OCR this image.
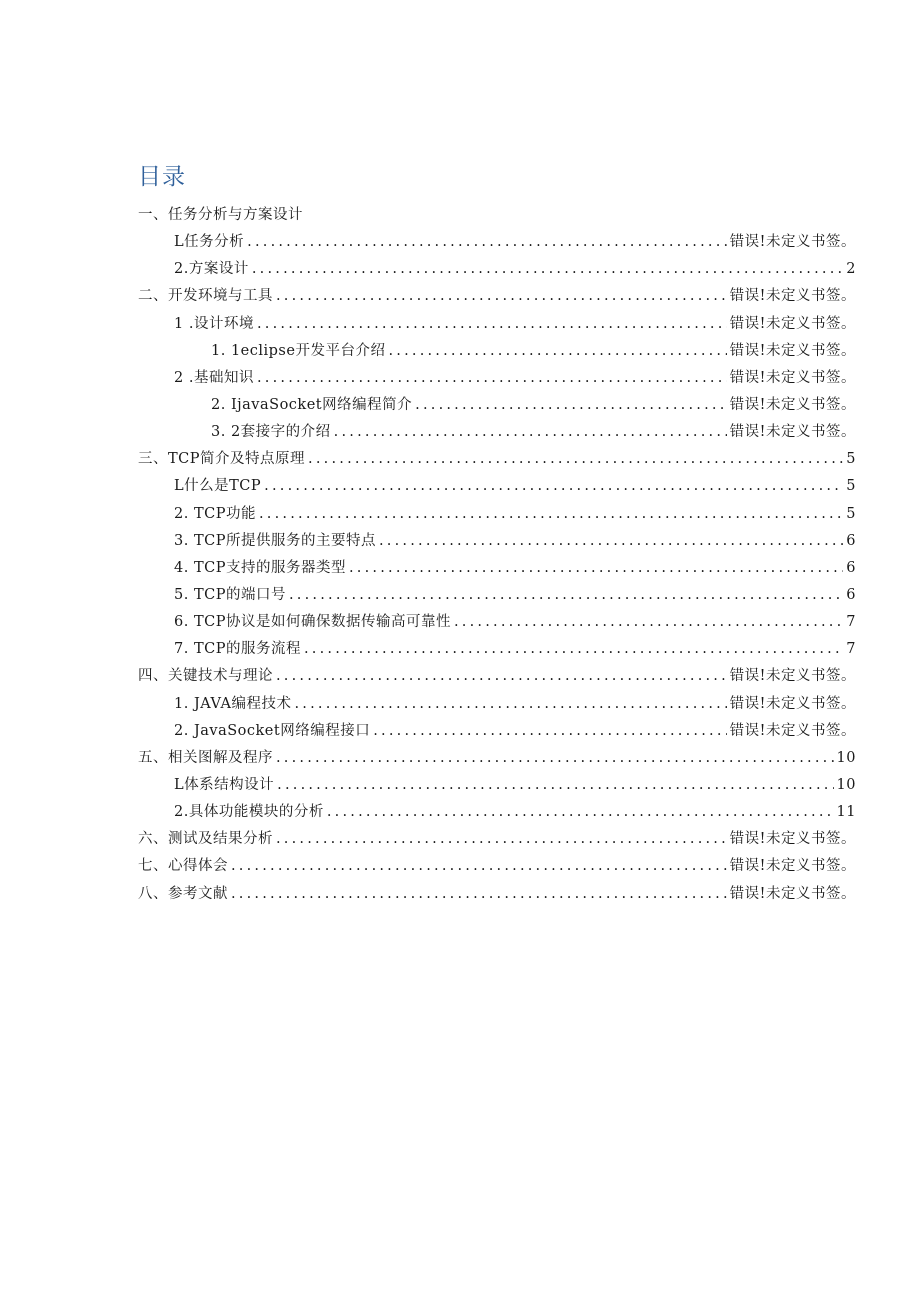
目录
一、任务分析与方案设计
L任务分析 .....	错误!未定义书签。
2.方案设计 .....	2
二、开发环境与工具 .....	错误!未定义书签。
1 .设计环境 .....	错误!未定义书签。
1. 1eclipse开发平台介绍 .....	错误!未定义书签。
2 .基础知识 .....	错误!未定义书签。
2. IjavaSocket网络编程简介 .....	错误!未定义书签。
3. 2套接字的介绍 .....	错误!未定义书签。
三、TCP简介及特点原理 .....	5
L什么是TCP .....	5
2. TCP功能 .....	5
3. TCP所提供服务的主要特点 .....	6
4. TCP支持的服务器类型 .....	6
5. TCP的端口号 .....	6
6. TCP协议是如何确保数据传输高可靠性 .....	7
7. TCP的服务流程 .....	7
四、关键技术与理论 .....	错误!未定义书签。
1. JAVA编程技术 .....	错误!未定义书签。
2. JavaSocket网络编程接口 .....	错误!未定义书签。
五、相关图解及程序 .....	10
L体系结构设计 .....	10
2.具体功能模块的分析 .....	11
六、测试及结果分析 .....	错误!未定义书签。
七、心得体会 .....	错误!未定义书签。
八、参考文献 .....	错误!未定义书签。
